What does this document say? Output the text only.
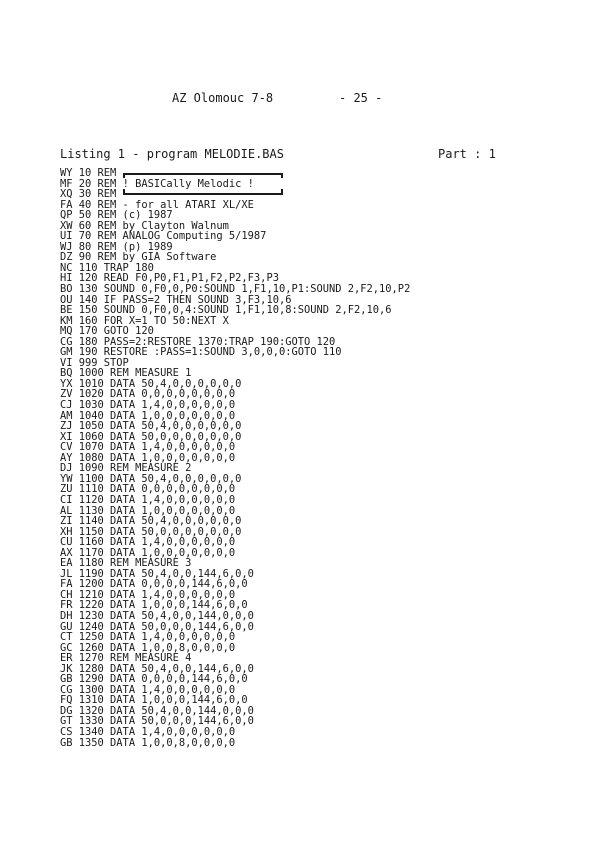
AZ Olomouc 7-8	- 25 -
Listing 1 - program MELODIE.BAS	Part : 1
WY 10 REM
MF 20 REM ! BASICally Melodic !
XQ 30 REM
FA 40 REM - for all ATARI XL/XE
QP 50 REM (c) 1987
XW 60 REM by Clayton Walnum
UI 70 REM ANALOG Computing 5/1987
WJ 80 REM (p) 1989
DZ 90 REM by GIA Software
NC 110 TRAP 180
HI 120 READ F0,P0,F1,P1,F2,P2,F3,P3
BO 130 SOUND 0,F0,0,P0:SOUND 1,F1,10,P1:SOUND 2,F2,10,P2
OU 140 IF PASS=2 THEN SOUND 3,F3,10,6
BE 150 SOUND 0,F0,0,4:SOUND 1,F1,10,8:SOUND 2,F2,10,6
KM 160 FOR X=1 TO 50:NEXT X
MQ 170 GOTO 120
CG 180 PASS=2:RESTORE 1370:TRAP 190:GOTO 120
GM 190 RESTORE :PASS=1:SOUND 3,0,0,0:GOTO 110
VI 999 STOP
BQ 1000 REM MEASURE 1
YX 1010 DATA 50,4,0,0,0,0,0,0
ZV 1020 DATA 0,0,0,0,0,0,0,0
CJ 1030 DATA 1,4,0,0,0,0,0,0
AM 1040 DATA 1,0,0,0,0,0,0,0
ZJ 1050 DATA 50,4,0,0,0,0,0,0
XI 1060 DATA 50,0,0,0,0,0,0,0
CV 1070 DATA 1,4,0,0,0,0,0,0
AY 1080 DATA 1,0,0,0,0,0,0,0
DJ 1090 REM MEASURE 2
YW 1100 DATA 50,4,0,0,0,0,0,0
ZU 1110 DATA 0,0,0,0,0,0,0,0
CI 1120 DATA 1,4,0,0,0,0,0,0
AL 1130 DATA 1,0,0,0,0,0,0,0
ZI 1140 DATA 50,4,0,0,0,0,0,0
XH 1150 DATA 50,0,0,0,0,0,0,0
CU 1160 DATA 1,4,0,0,0,0,0,0
AX 1170 DATA 1,0,0,0,0,0,0,0
EA 1180 REM MEASURE 3
JL 1190 DATA 50,4,0,0,144,6,0,0
FA 1200 DATA 0,0,0,0,144,6,0,0
CH 1210 DATA 1,4,0,0,0,0,0,0
FR 1220 DATA 1,0,0,0,144,6,0,0
DH 1230 DATA 50,4,0,0,144,0,0,0
GU 1240 DATA 50,0,0,0,144,6,0,0
CT 1250 DATA 1,4,0,0,0,0,0,0
GC 1260 DATA 1,0,0,8,0,0,0,0
ER 1270 REM MEASURE 4
JK 1280 DATA 50,4,0,0,144,6,0,0
GB 1290 DATA 0,0,0,0,144,6,0,0
CG 1300 DATA 1,4,0,0,0,0,0,0
FQ 1310 DATA 1,0,0,0,144,6,0,0
DG 1320 DATA 50,4,0,0,144,0,0,0
GT 1330 DATA 50,0,0,0,144,6,0,0
CS 1340 DATA 1,4,0,0,0,0,0,0
GB 1350 DATA 1,0,0,8,0,0,0,0
